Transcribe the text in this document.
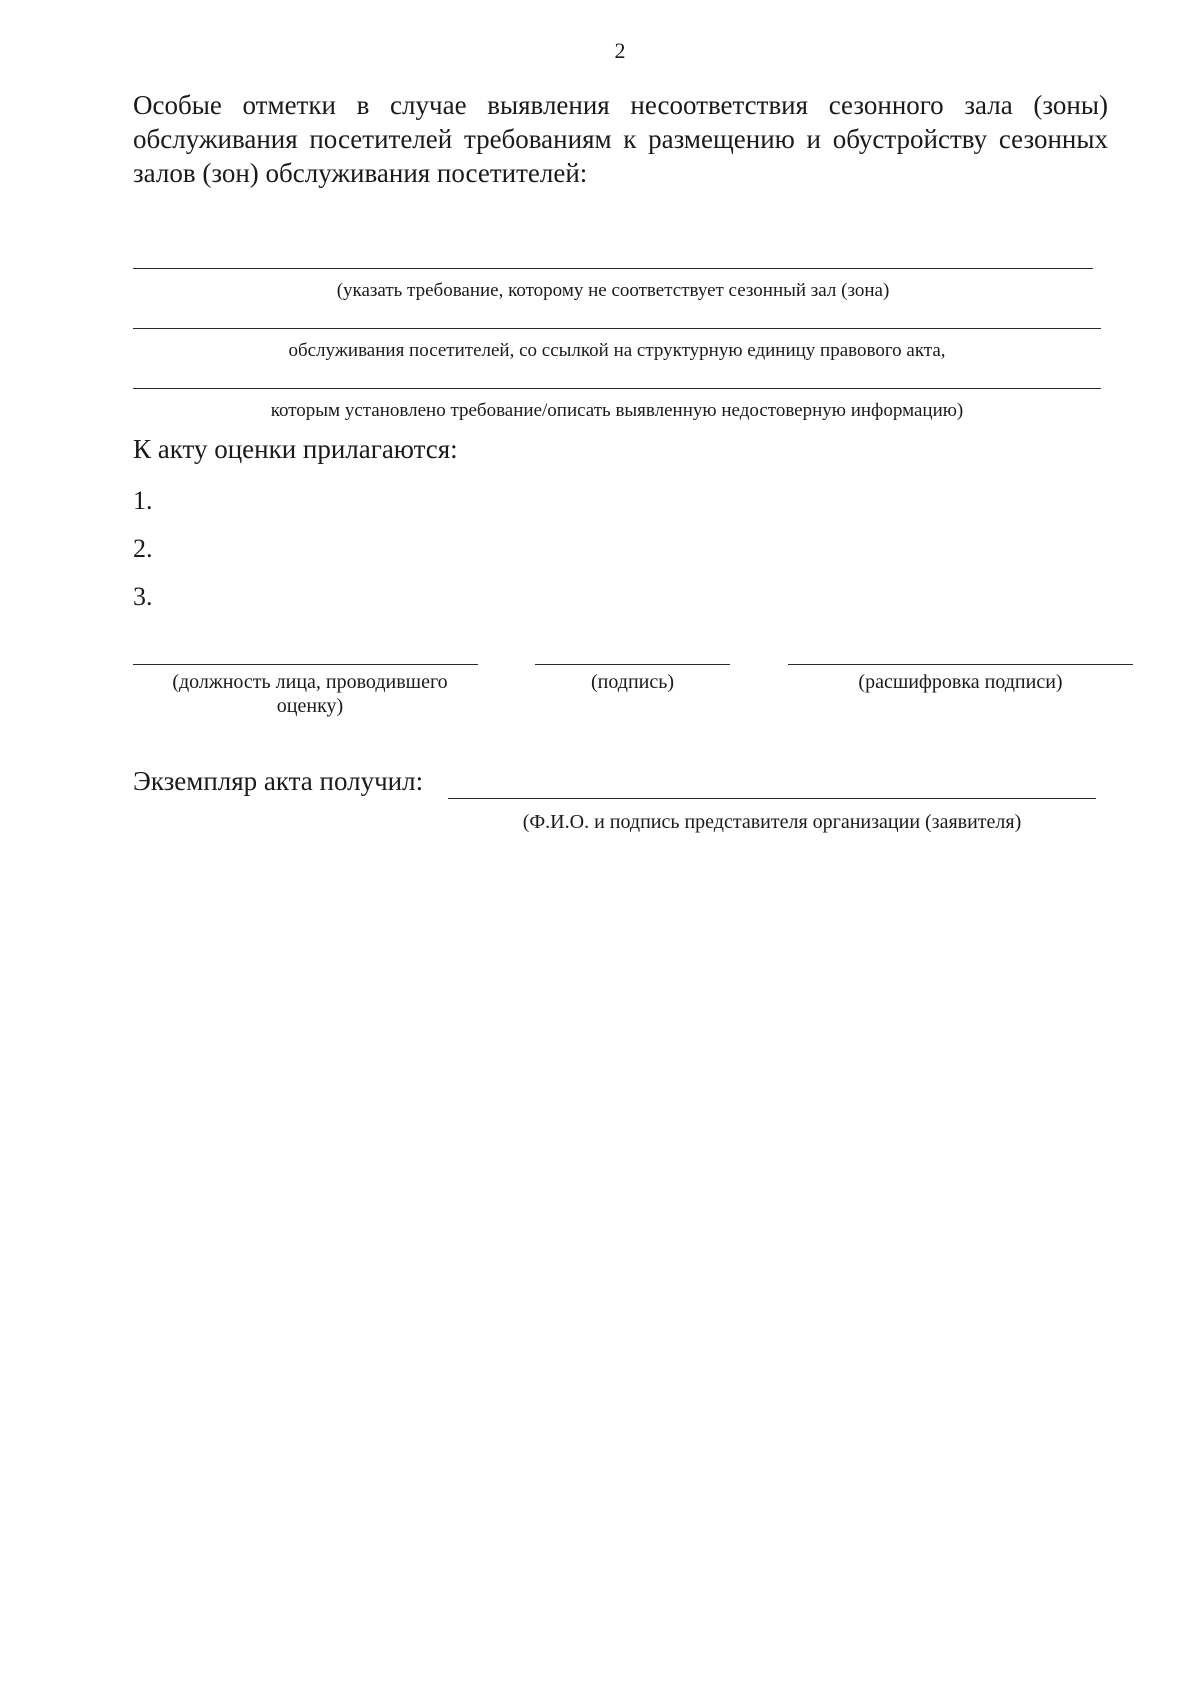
2
Особые отметки в случае выявления несоответствия сезонного зала (зоны) обслуживания посетителей требованиям к размещению и обустройству сезонных залов (зон) обслуживания посетителей:
(указать требование, которому не соответствует сезонный зал (зона)
обслуживания посетителей, со ссылкой на структурную единицу правового акта,
которым установлено требование/описать выявленную недостоверную информацию)
К акту оценки прилагаются:
1.
2.
3.
(должность лица, проводившего оценку)
(подпись)	(расшифровка подписи)
Экземпляр акта получил:
(Ф.И.О. и подпись представителя организации (заявителя)
